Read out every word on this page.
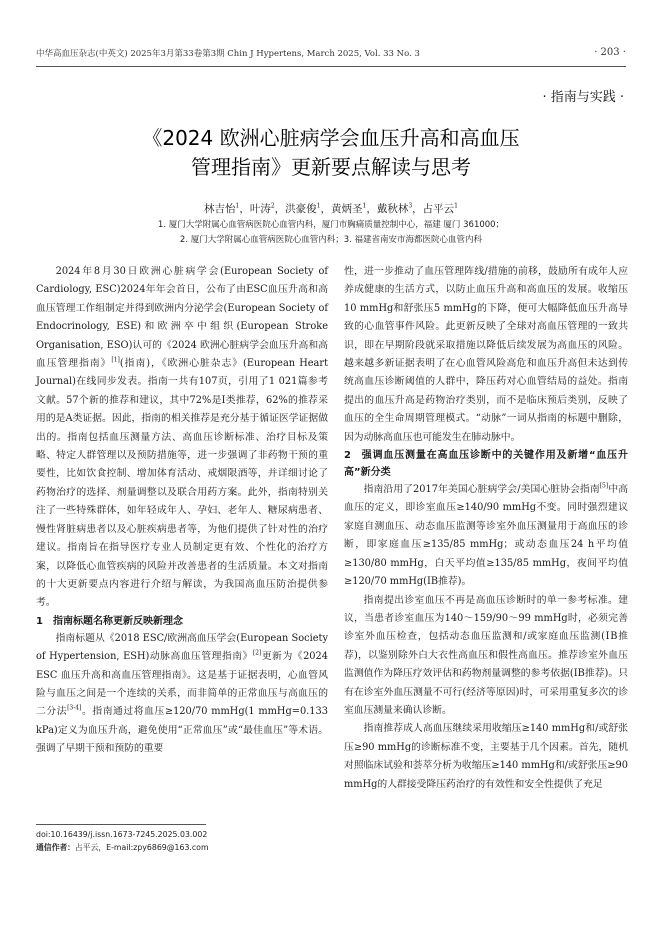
中华高血压杂志(中英文) 2025年3月第33卷第3期 Chin J Hypertens, March 2025, Vol. 33 No. 3	· 203 ·
· 指南与实践 ·
《2024 欧洲心脏病学会血压升高和高血压
管理指南》更新要点解读与思考
林吉怡$^1$，叶涛$^2$，洪豪俊$^1$，黄炳圣$^1$，戴秋林$^3$，占平云$^1$
1. 厦门大学附属心血管病医院心血管内科，厦门市胸痛质量控制中心，福建 厦门 361000；
2. 厦门大学附属心血管病医院心血管内科；3. 福建省南安市海都医院心血管内科

2024年8月30日欧洲心脏病学会(European Society of Cardiology, ESC)2024年年会首日，公布了由ESC血压升高和高血压管理工作组制定并得到欧洲内分泌学会(European Society of Endocrinology, ESE)和欧洲卒中组织(European Stroke Organisation, ESO)认可的《2024 欧洲心脏病学会血压升高和高血压管理指南》[1](指南)，《欧洲心脏杂志》(European Heart Journal)在线同步发表。指南一共有107页，引用了1 021篇参考文献。57个新的推荐和建议，其中72%是Ⅰ类推荐，62%的推荐采用的是A类证据。因此，指南的相关推荐是充分基于循证医学证据做出的。指南包括血压测量方法、高血压诊断标准、治疗目标及策略、特定人群管理以及预防措施等，进一步强调了非药物干预的重要性，比如饮食控制、增加体育活动、戒烟限酒等，并详细讨论了药物治疗的选择、剂量调整以及联合用药方案。此外，指南特别关注了一些特殊群体，如年轻成年人、孕妇、老年人、糖尿病患者、慢性肾脏病患者以及心脏疾病患者等，为他们提供了针对性的治疗建议。指南旨在指导医疗专业人员制定更有效、个性化的治疗方案，以降低心血管疾病的风险并改善患者的生活质量。本文对指南的十大更新要点内容进行介绍与解读，为我国高血压防治提供参考。

1 指南标题名称更新反映新理念

指南标题从《2018 ESC/欧洲高血压学会(European Society of Hypertension, ESH)动脉高血压管理指南》[2]更新为《2024 ESC 血压升高和高血压管理指南》。这是基于证据表明，心血管风险与血压之间是一个连续的关系，而非简单的正常血压与高血压的二分法[3-4]。指南通过将血压≥120/70 mmHg(1 mmHg=0.133 kPa)定义为血压升高，避免使用“正常血压”或“最佳血压”等术语。强调了早期干预和预防的重要

性，进一步推动了血压管理阵线/措施的前移，鼓励所有成年人应养成健康的生活方式，以防止血压升高和高血压的发展。收缩压10 mmHg和舒张压5 mmHg的下降，便可大幅降低血压升高导致的心血管事件风险。此更新反映了全球对高血压管理的一致共识，即在早期阶段就采取措施以降低后续发展为高血压的风险。越来越多新证据表明了在心血管风险高危和血压升高但未达到传统高血压诊断阈值的人群中，降压药对心血管结局的益处。指南提出的血压升高是药物治疗类别，而不是临床预后类别，反映了血压的全生命周期管理模式。“动脉”一词从指南的标题中删除，因为动脉高血压也可能发生在肺动脉中。

2 强调血压测量在高血压诊断中的关键作用及新增“血压升高”新分类

指南沿用了2017年美国心脏病学会/美国心脏协会指南[5]中高血压的定义，即诊室血压≥140/90 mmHg不变。同时强烈建议家庭自测血压、动态血压监测等诊室外血压测量用于高血压的诊断，即家庭血压≥135/85 mmHg；或动态血压24 h平均值≥130/80 mmHg，白天平均值≥135/85 mmHg，夜间平均值≥120/70 mmHg(ⅠB推荐)。

指南提出诊室血压不再是高血压诊断时的单一参考标准。建议，当患者诊室血压为140～159/90～99 mmHg时，必须完善诊室外血压检查，包括动态血压监测和/或家庭血压监测(ⅠB推荐)，以鉴别除外白大衣性高血压和假性高血压。推荐诊室外血压监测值作为降压疗效评估和药物剂量调整的参考依据(ⅠB推荐)。只有在诊室外血压测量不可行(经济等原因)时，可采用重复多次的诊室血压测量来确认诊断。

指南推荐成人高血压继续采用收缩压≥140 mmHg和/或舒张压≥90 mmHg的诊断标准不变，主要基于几个因素。首先，随机对照临床试验和荟萃分析为收缩压≥140 mmHg和/或舒张压≥90 mmHg的人群接受降压药治疗的有效性和安全性提供了充足

doi:10.16439/j.issn.1673-7245.2025.03.002
通信作者：占平云，E-mail:zpy6869@163.com
